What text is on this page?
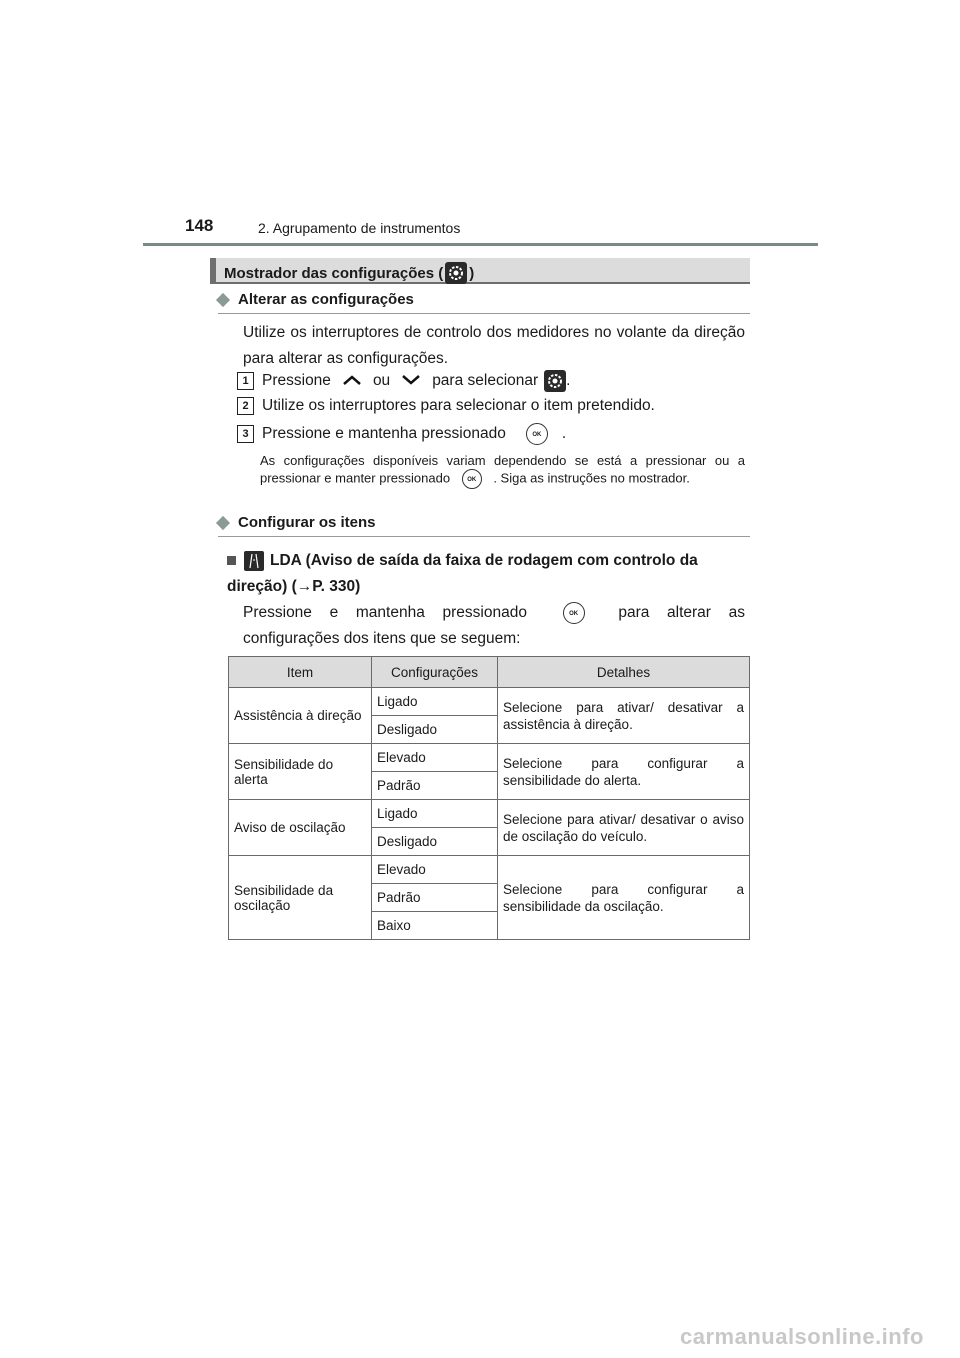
148	2. Agrupamento de instrumentos
Mostrador das configurações ( )
Alterar as configurações
Utilize os interruptores de controlo dos medidores no volante da direção para alterar as configurações.
1 Pressione	ou	para selecionar .
2 Utilize os interruptores para selecionar o item pretendido.
3 Pressione e mantenha pressionado	OK	.
As configurações disponíveis variam dependendo se está a pressionar ou a pressionar e manter pressionado	OK . Siga as instruções no mostrador.
Configurar os itens
LDA (Aviso de saída da faixa de rodagem com controlo da direção) (→P. 330)
Pressione e mantenha pressionado	OK	para alterar as configurações dos itens que se seguem:
Item	Configurações	Detalhes
Assistência à direção	Ligado	Selecione para ativar/ desativar a assistência à direção.
	Desligado	
Sensibilidade do alerta	Elevado	Selecione para configurar a sensibilidade do alerta.
	Padrão	
Aviso de oscilação	Ligado	Selecione para ativar/ desativar o aviso de oscilação do veículo.
	Desligado	
Sensibilidade da oscilação	Elevado	Selecione para configurar a sensibilidade da oscilação.
	Padrão	
	Baixo	
carmanualsonline.info
